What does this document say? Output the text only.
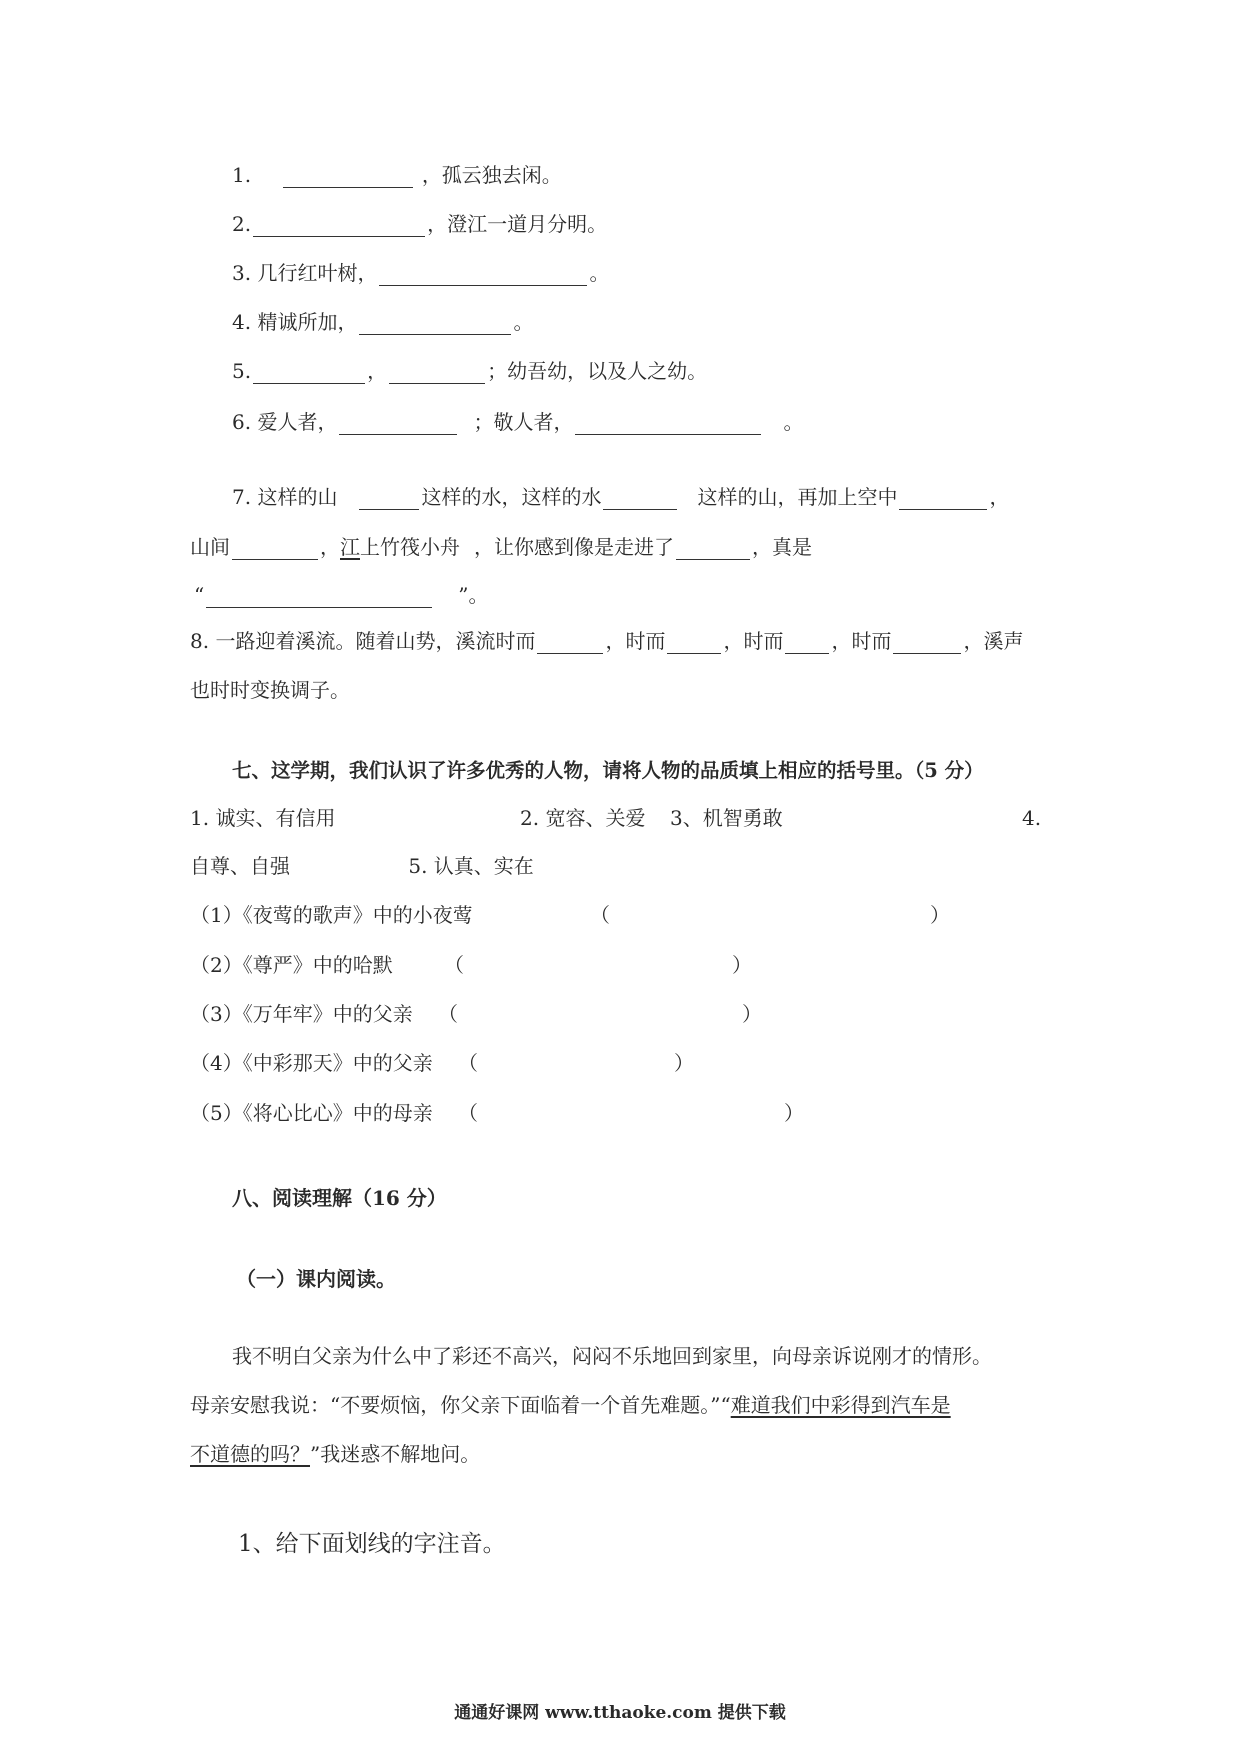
1.	，孤云独去闲。
2.	，澄江一道月分明。
3. 几行红叶树，	。
4. 精诚所加，	。
5.	，	；幼吾幼，以及人之幼。
6. 爱人者，	；敬人者，	。
7. 这样的山	这样的水，这样的水	这样的山，再加上空中	，
山间	，江上竹筏小舟 ，让你感到像是走进了	，真是
“	”。
8. 一路迎着溪流。随着山势，溪流时而	，时而	，时而 ，时而	，溪声
也时时变换调子。
七、这学期，我们认识了许多优秀的人物，请将人物的品质填上相应的括号里。（5 分）
1. 诚实、有信用	2. 宽容、关爱 3、机智勇敢	4.
自尊、自强	5. 认真、实在
（1）《夜莺的歌声》中的小夜莺	（	）
（2）《尊严》中的哈默	（	）
（3）《万年牢》中的父亲 （	）
（4）《中彩那天》中的父亲 （	）
（5）《将心比心》中的母亲 （	）
八、阅读理解（16 分）
（一）课内阅读。
我不明白父亲为什么中了彩还不高兴，闷闷不乐地回到家里，向母亲诉说刚才的情形。
母亲安慰我说：“不要烦恼，你父亲下面临着一个首先难题。”“难道我们中彩得到汽车是
不道德的吗？”我迷惑不解地问。
1、给下面划线的字注音。
通通好课网 www.tthaoke.com 提供下载
